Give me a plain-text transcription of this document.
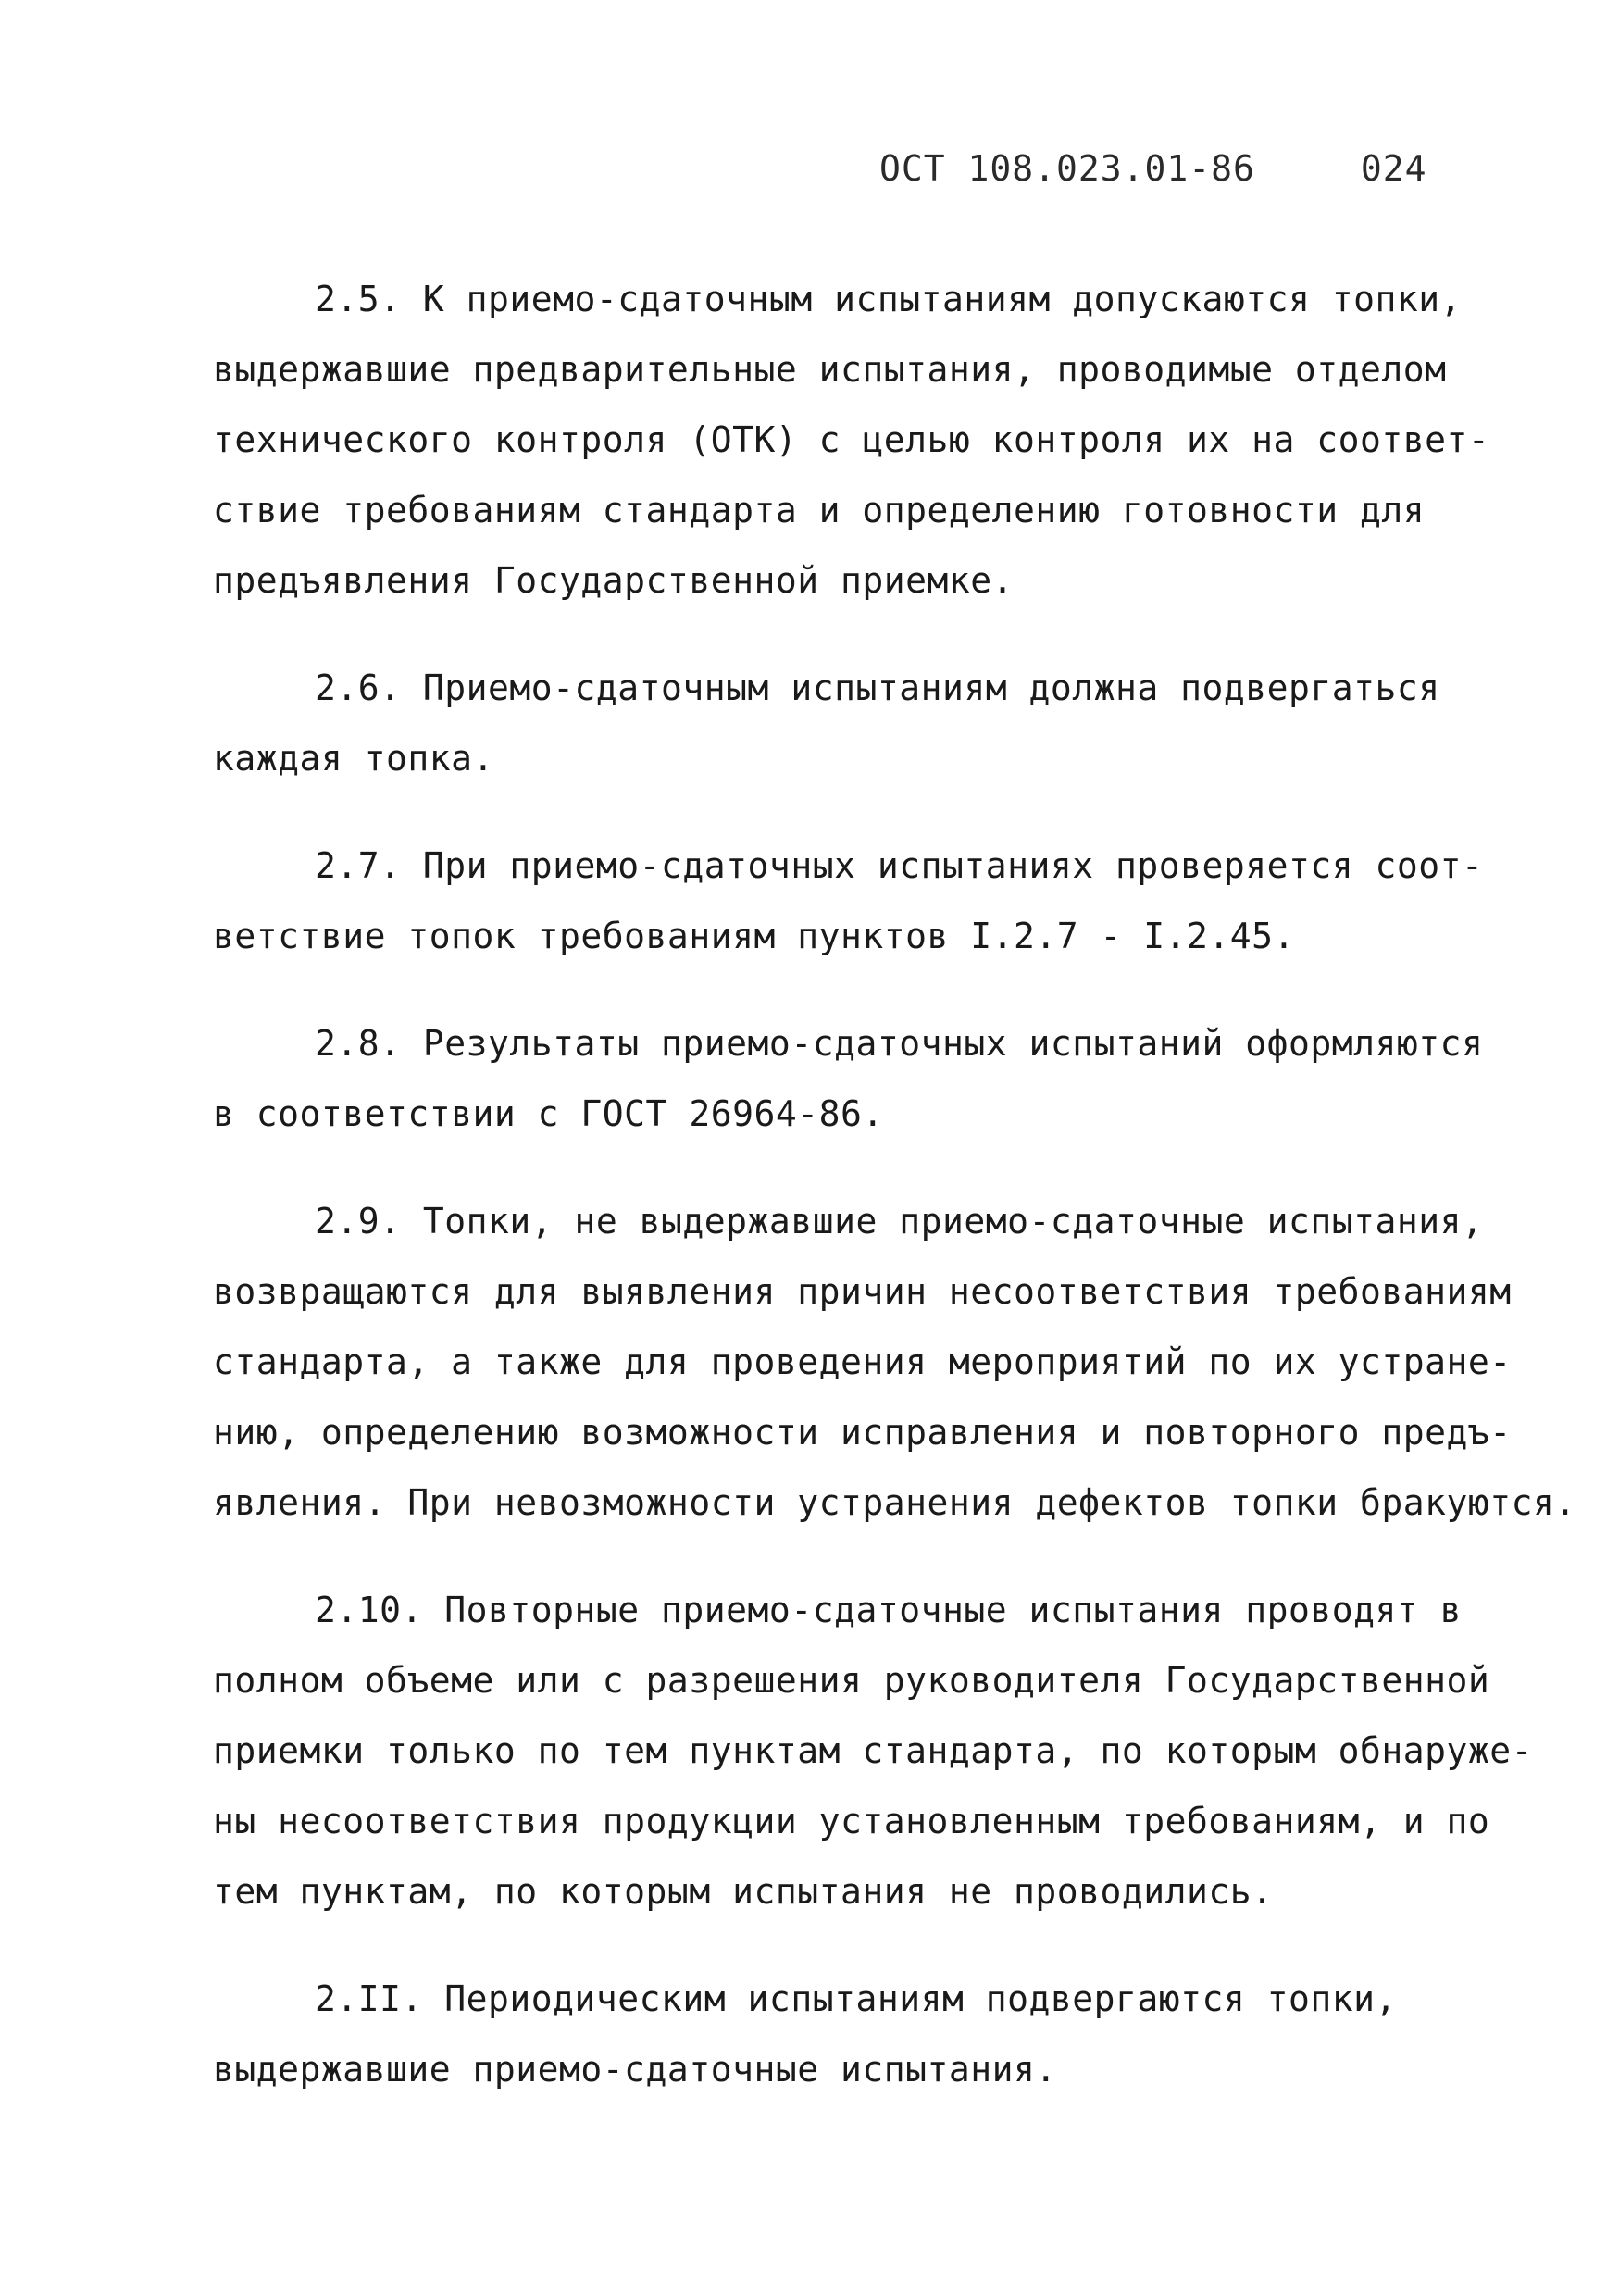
ОСТ 108.023.01-86	024
2.5. К приемо-сдаточным испытаниям допускаются топки,
выдержавшие предварительные испытания, проводимые отделом
технического контроля (ОТК) с целью контроля их на соответ-
ствие требованиям стандарта и определению готовности для
предъявления Государственной приемке.
2.6. Приемо-сдаточным испытаниям должна подвергаться
каждая топка.
2.7. При приемо-сдаточных испытаниях проверяется соот-
ветствие топок требованиям пунктов I.2.7 - I.2.45.
2.8. Результаты приемо-сдаточных испытаний оформляются
в соответствии с ГОСТ 26964-86.
2.9. Топки, не выдержавшие приемо-сдаточные испытания,
возвращаются для выявления причин несоответствия требованиям
стандарта, а также для проведения мероприятий по их устране-
нию, определению возможности исправления и повторного предъ-
явления. При невозможности устранения дефектов топки бракуются.
2.10. Повторные приемо-сдаточные испытания проводят в
полном объеме или с разрешения руководителя Государственной
приемки только по тем пунктам стандарта, по которым обнаруже-
ны несоответствия продукции установленным требованиям, и по
тем пунктам, по которым испытания не проводились.
2.II. Периодическим испытаниям подвергаются топки,
выдержавшие приемо-сдаточные испытания.
